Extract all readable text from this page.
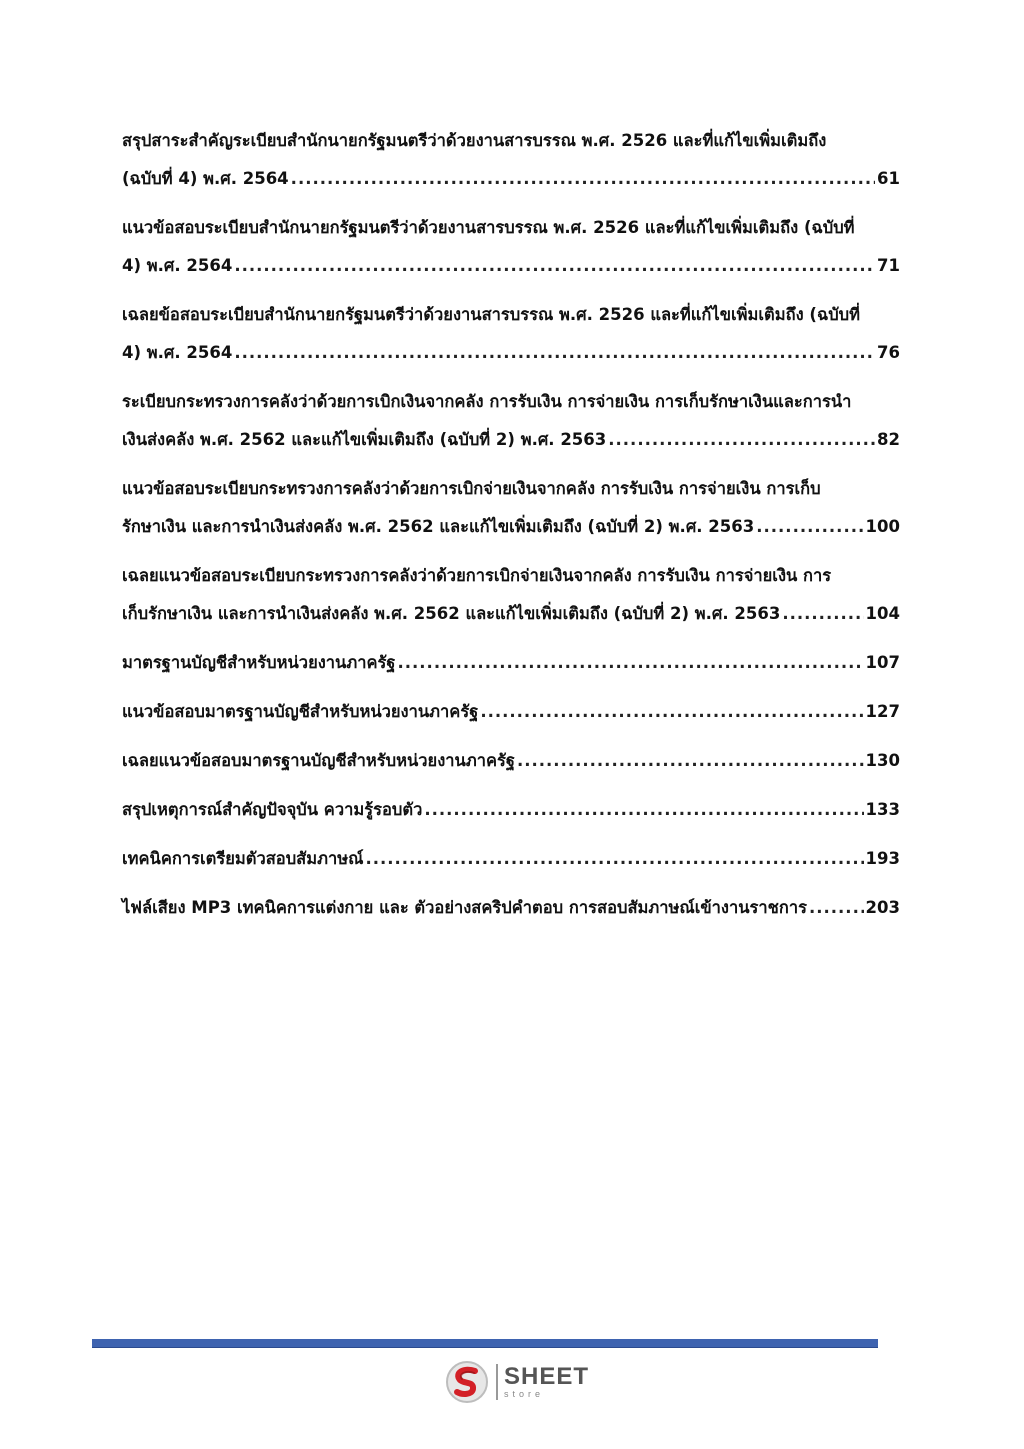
สรุปสาระสำคัญระเบียบสำนักนายกรัฐมนตรีว่าด้วยงานสารบรรณ พ.ศ. 2526 และที่แก้ไขเพิ่มเติมถึง
(ฉบับที่ 4) พ.ศ. 2564 .....	61
แนวข้อสอบระเบียบสำนักนายกรัฐมนตรีว่าด้วยงานสารบรรณ พ.ศ. 2526 และที่แก้ไขเพิ่มเติมถึง (ฉบับที่
4) พ.ศ. 2564 .....	71
เฉลยข้อสอบระเบียบสำนักนายกรัฐมนตรีว่าด้วยงานสารบรรณ พ.ศ. 2526 และที่แก้ไขเพิ่มเติมถึง (ฉบับที่
4) พ.ศ. 2564 .....	76
ระเบียบกระทรวงการคลังว่าด้วยการเบิกเงินจากคลัง การรับเงิน การจ่ายเงิน การเก็บรักษาเงินและการนำ
เงินส่งคลัง พ.ศ. 2562 และแก้ไขเพิ่มเติมถึง (ฉบับที่ 2) พ.ศ. 2563 .....	82
แนวข้อสอบระเบียบกระทรวงการคลังว่าด้วยการเบิกจ่ายเงินจากคลัง การรับเงิน การจ่ายเงิน การเก็บ
รักษาเงิน และการนำเงินส่งคลัง พ.ศ. 2562 และแก้ไขเพิ่มเติมถึง (ฉบับที่ 2) พ.ศ. 2563 .....	100
เฉลยแนวข้อสอบระเบียบกระทรวงการคลังว่าด้วยการเบิกจ่ายเงินจากคลัง การรับเงิน การจ่ายเงิน การ
เก็บรักษาเงิน และการนำเงินส่งคลัง พ.ศ. 2562 และแก้ไขเพิ่มเติมถึง (ฉบับที่ 2) พ.ศ. 2563 .....	104
มาตรฐานบัญชีสำหรับหน่วยงานภาครัฐ .....	107
แนวข้อสอบมาตรฐานบัญชีสำหรับหน่วยงานภาครัฐ .....	127
เฉลยแนวข้อสอบมาตรฐานบัญชีสำหรับหน่วยงานภาครัฐ .....	130
สรุปเหตุการณ์สำคัญปัจจุบัน ความรู้รอบตัว .....	133
เทคนิคการเตรียมตัวสอบสัมภาษณ์ .....	193
ไฟล์เสียง MP3 เทคนิคการแต่งกาย และ ตัวอย่างสคริปคำตอบ การสอบสัมภาษณ์เข้างานราชการ .....	203
SHEET
store
